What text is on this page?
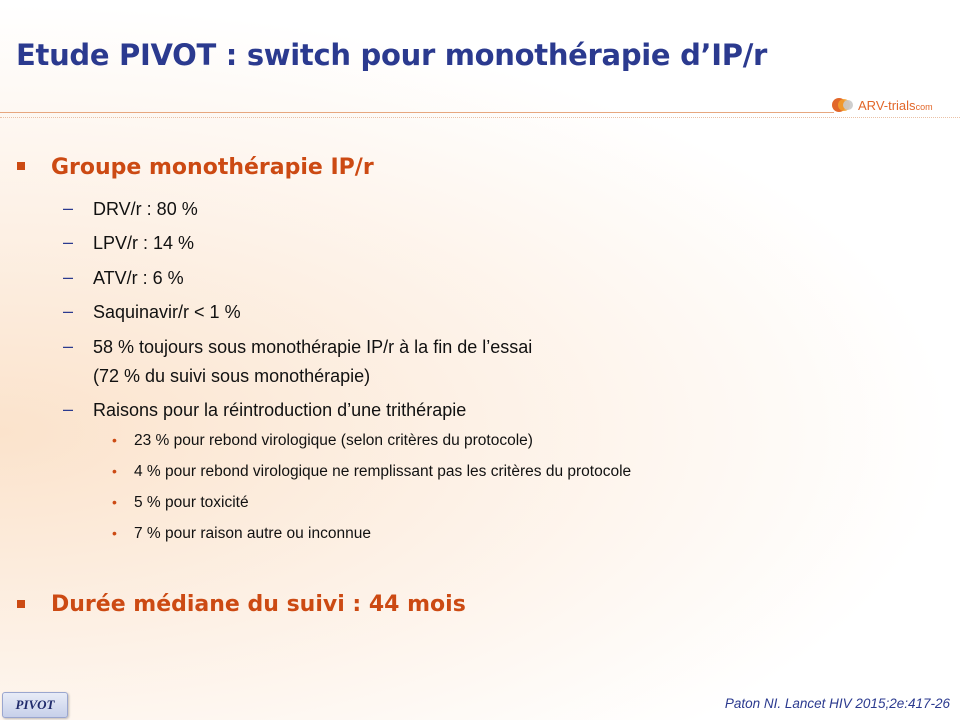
Etude PIVOT : switch pour monothérapie d’IP/r
ARV-trialscom
Groupe monothérapie IP/r
– DRV/r : 80 %
– LPV/r : 14 %
– ATV/r : 6 %
– Saquinavir/r < 1 %
– 58 % toujours sous monothérapie IP/r à la fin de l’essai
(72 % du suivi sous monothérapie)
– Raisons pour la réintroduction d’une trithérapie
• 23 % pour rebond virologique (selon critères du protocole)
• 4 % pour rebond virologique ne remplissant pas les critères du protocole
• 5 % pour toxicité
• 7 % pour raison autre ou inconnue
Durée médiane du suivi : 44 mois
PIVOT	Paton NI. Lancet HIV 2015;2e:417-26
